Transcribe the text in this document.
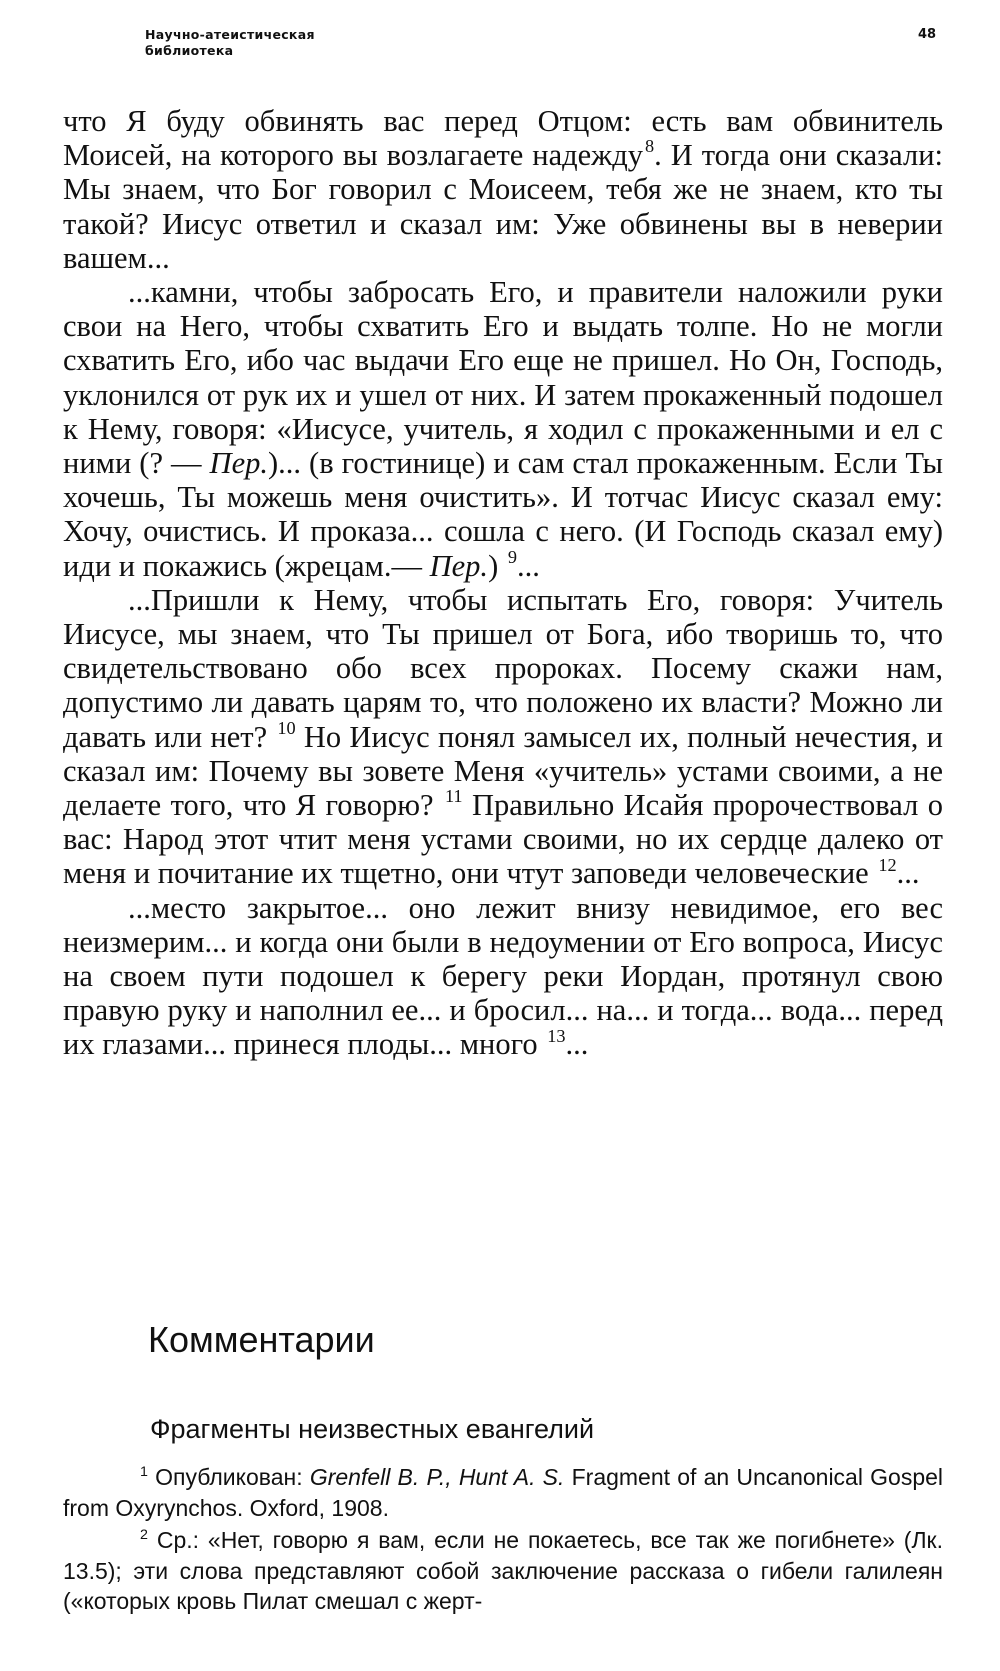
Научно-атеистическая
библиотека
48

что Я буду обвинять вас перед Отцом: есть вам обвинитель Моисей, на которого вы возлагаете надежду $^8$. И тогда они сказали: Мы знаем, что Бог говорил с Моисеем, тебя же не знаем, кто ты такой? Иисус ответил и сказал им: Уже обвинены вы в неверии вашем...

...камни, чтобы забросать Его, и правители наложили руки свои на Него, чтобы схватить Его и выдать толпе. Но не могли схватить Его, ибо час выдачи Его еще не пришел. Но Он, Господь, уклонился от рук их и ушел от них. И затем прокаженный подошел к Нему, говоря: «Иисусе, учитель, я ходил с прокаженными и ел с ними (? — Пер.)... (в гостинице) и сам стал прокаженным. Если Ты хочешь, Ты можешь меня очистить». И тотчас Иисус сказал ему: Хочу, очистись. И проказа... сошла с него. (И Господь сказал ему) иди и покажись (жрецам.— Пер.) $^9$...

...Пришли к Нему, чтобы испытать Его, говоря: Учитель Иисусе, мы знаем, что Ты пришел от Бога, ибо творишь то, что свидетельствовано обо всех пророках. Посему скажи нам, допустимо ли давать царям то, что положено их власти? Можно ли давать или нет? $^{10}$ Но Иисус понял замысел их, полный нечестия, и сказал им: Почему вы зовете Меня «учитель» устами своими, а не делаете того, что Я говорю? $^{11}$ Правильно Исайя пророчествовал о вас: Народ этот чтит меня устами своими, но их сердце далеко от меня и почитание их тщетно, они чтут заповеди человеческие $^{12}$...

...место закрытое... оно лежит внизу невидимое, его вес неизмерим... и когда они были в недоумении от Его вопроса, Иисус на своем пути подошел к берегу реки Иордан, протянул свою правую руку и наполнил ее... и бросил... на... и тогда... вода... перед их глазами... принеся плоды... много $^{13}$...

Комментарии
Фрагменты неизвестных евангелий

$^1$ Опубликован: Grenfell B. P., Hunt A. S. Fragment of an Uncanonical Gospel from Oxyrynchos. Oxford, 1908.

$^2$ Ср.: «Нет, говорю я вам, если не покаетесь, все так же погибнете» (Лк. 13.5); эти слова представляют собой заключение рассказа о гибели галилеян («которых кровь Пилат смешал с жерт-
